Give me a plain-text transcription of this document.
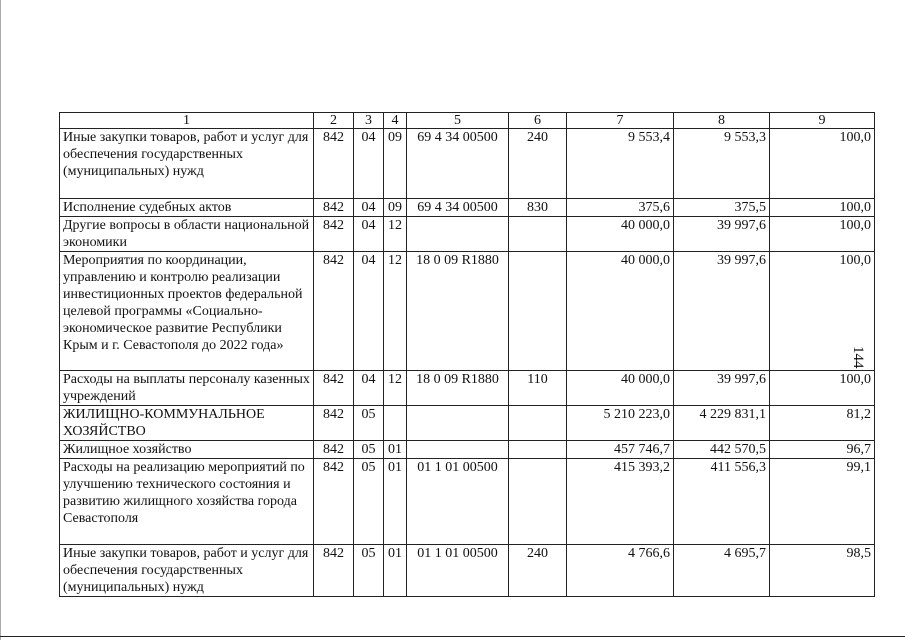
1	2	3	4	5	6	7	8	9
Иные закупки товаров, работ и услуг для обеспечения государственных (муниципальных) нужд	842	04	09	69 4 34 00500	240	9 553,4	9 553,3	100,0
Исполнение судебных актов	842	04	09	69 4 34 00500	830	375,6	375,5	100,0
Другие вопросы в области национальной экономики	842	04	12			40 000,0	39 997,6	100,0
Мероприятия по координации, управлению и контролю реализации инвестиционных проектов федеральной целевой программы «Социально-экономическое развитие Республики Крым и г. Севастополя до 2022 года»	842	04	12	18 0 09 R1880		40 000,0	39 997,6	100,0
Расходы на выплаты персоналу казенных учреждений	842	04	12	18 0 09 R1880	110	40 000,0	39 997,6	100,0
ЖИЛИЩНО-КОММУНАЛЬНОЕ ХОЗЯЙСТВО	842	05				5 210 223,0	4 229 831,1	81,2
Жилищное хозяйство	842	05	01			457 746,7	442 570,5	96,7
Расходы на реализацию мероприятий по улучшению технического состояния и развитию жилищного хозяйства города Севастополя	842	05	01	01 1 01 00500		415 393,2	411 556,3	99,1
Иные закупки товаров, работ и услуг для обеспечения государственных (муниципальных) нужд	842	05	01	01 1 01 00500	240	4 766,6	4 695,7	98,5
144
